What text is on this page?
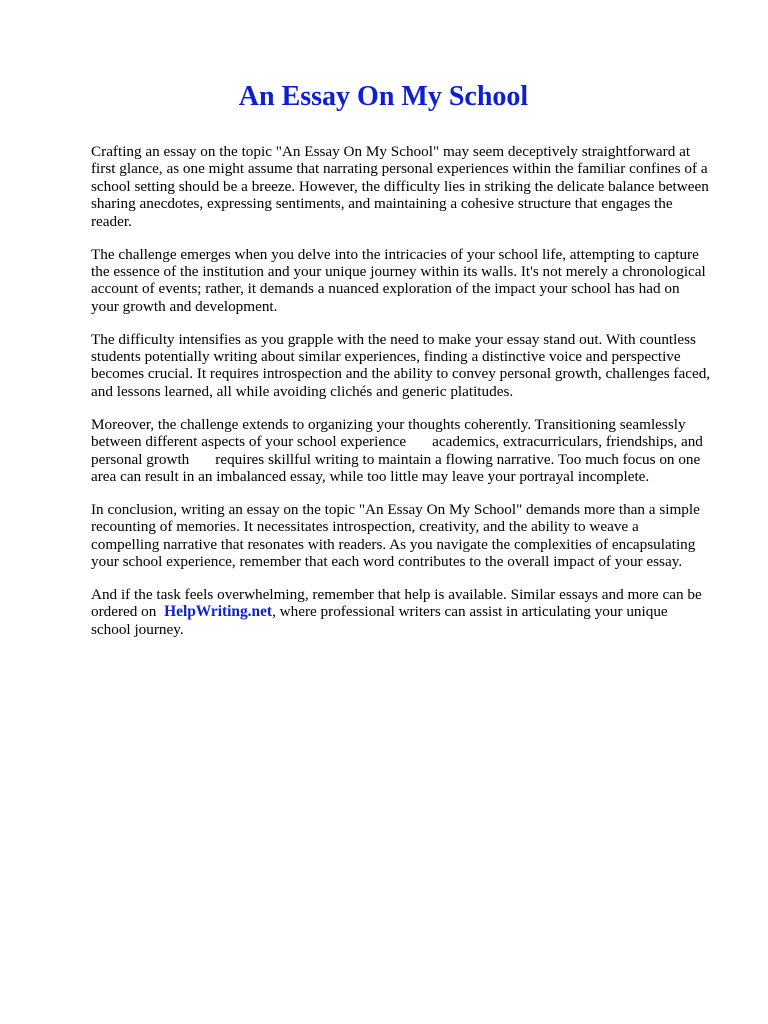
An Essay On My School

Crafting an essay on the topic "An Essay On My School" may seem deceptively straightforward at
first glance, as one might assume that narrating personal experiences within the familiar confines of a
school setting should be a breeze. However, the difficulty lies in striking the delicate balance between
sharing anecdotes, expressing sentiments, and maintaining a cohesive structure that engages the
reader.

The challenge emerges when you delve into the intricacies of your school life, attempting to capture
the essence of the institution and your unique journey within its walls. It's not merely a chronological
account of events; rather, it demands a nuanced exploration of the impact your school has had on
your growth and development.

The difficulty intensifies as you grapple with the need to make your essay stand out. With countless
students potentially writing about similar experiences, finding a distinctive voice and perspective
becomes crucial. It requires introspection and the ability to convey personal growth, challenges faced,
and lessons learned, all while avoiding clichés and generic platitudes.

Moreover, the challenge extends to organizing your thoughts coherently. Transitioning seamlessly
between different aspects of your school experience academics, extracurriculars, friendships, and
personal growth requires skillful writing to maintain a flowing narrative. Too much focus on one
area can result in an imbalanced essay, while too little may leave your portrayal incomplete.

In conclusion, writing an essay on the topic "An Essay On My School" demands more than a simple
recounting of memories. It necessitates introspection, creativity, and the ability to weave a
compelling narrative that resonates with readers. As you navigate the complexities of encapsulating
your school experience, remember that each word contributes to the overall impact of your essay.

And if the task feels overwhelming, remember that help is available. Similar essays and more can be
ordered on HelpWriting.net, where professional writers can assist in articulating your unique
school journey.
